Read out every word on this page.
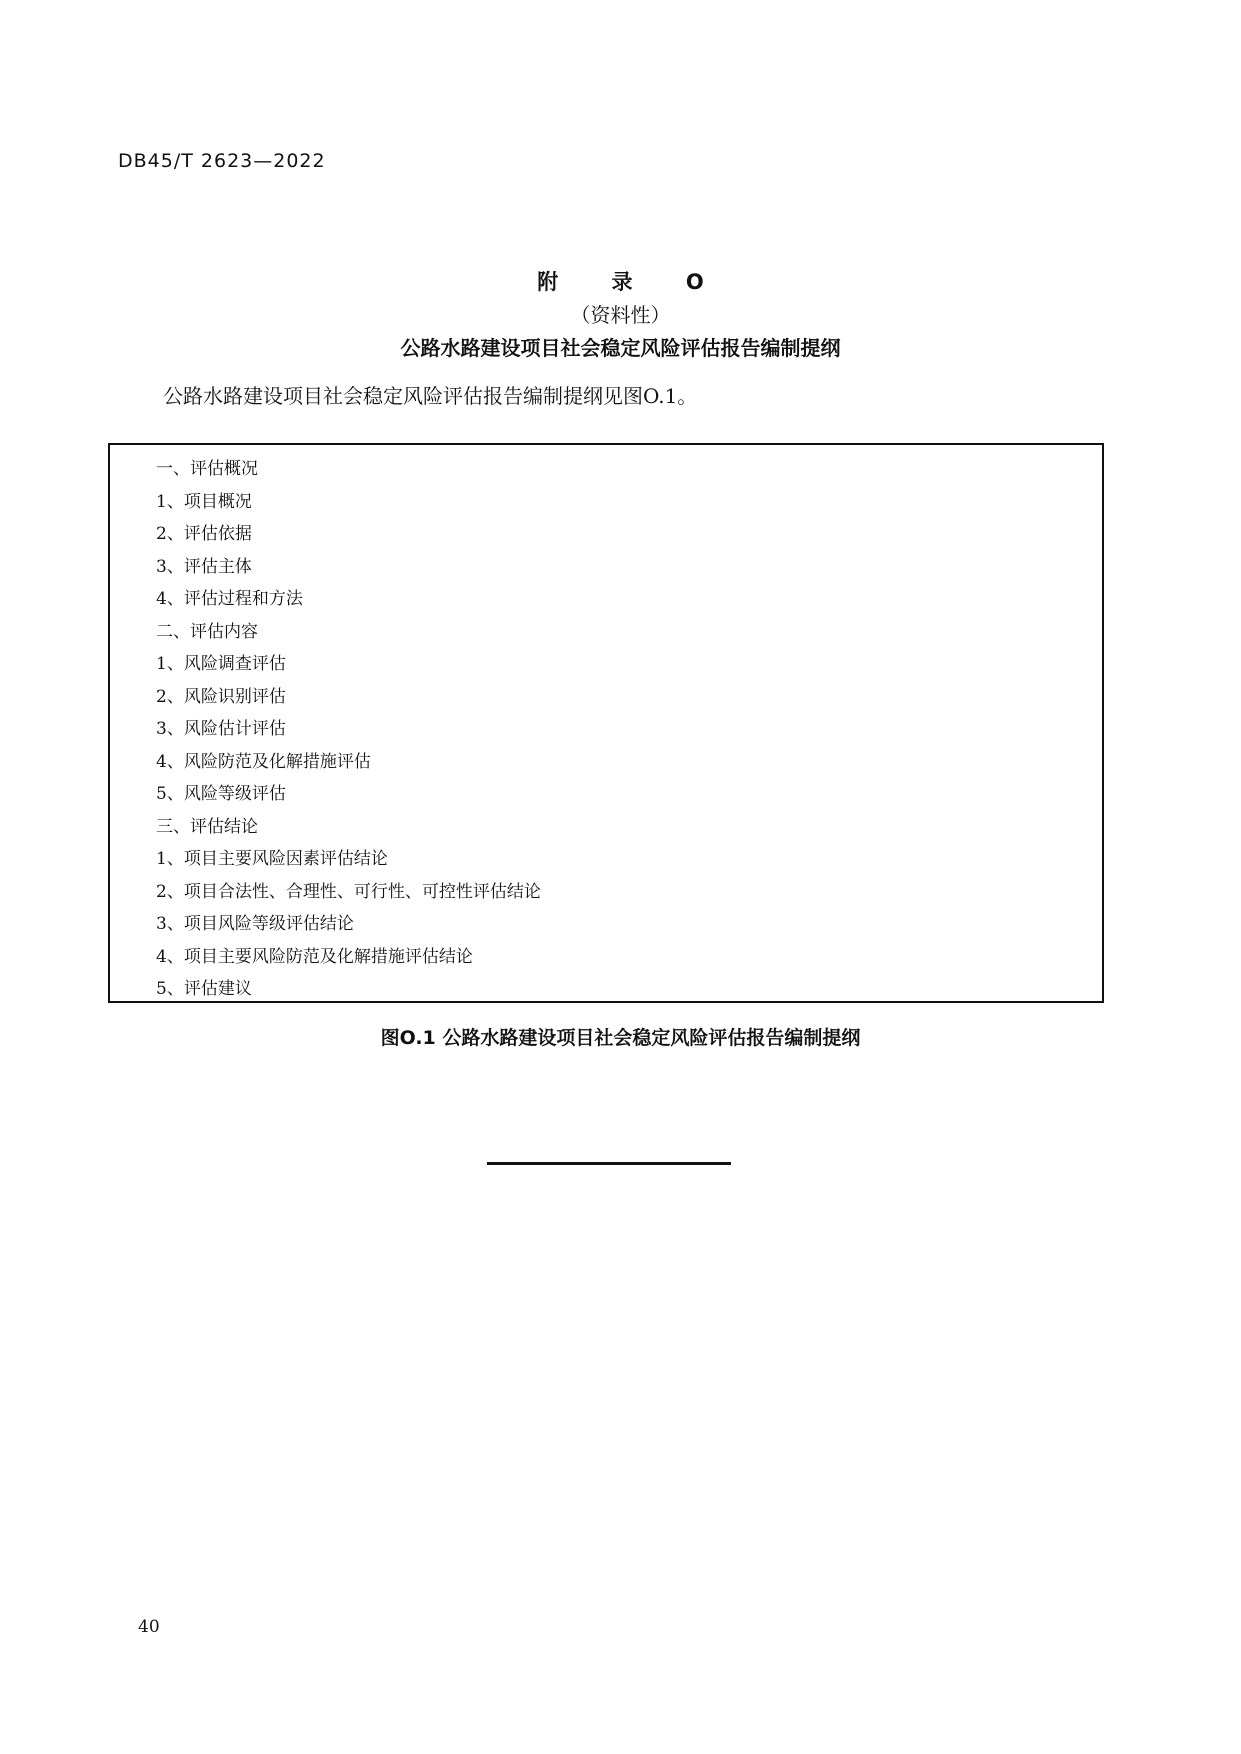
DB45/T 2623—2022
附 录 O
（资料性）
公路水路建设项目社会稳定风险评估报告编制提纲
公路水路建设项目社会稳定风险评估报告编制提纲见图O.1。
一、评估概况
1、项目概况
2、评估依据
3、评估主体
4、评估过程和方法
二、评估内容
1、风险调查评估
2、风险识别评估
3、风险估计评估
4、风险防范及化解措施评估
5、风险等级评估
三、评估结论
1、项目主要风险因素评估结论
2、项目合法性、合理性、可行性、可控性评估结论
3、项目风险等级评估结论
4、项目主要风险防范及化解措施评估结论
5、评估建议
图O.1 公路水路建设项目社会稳定风险评估报告编制提纲
40
